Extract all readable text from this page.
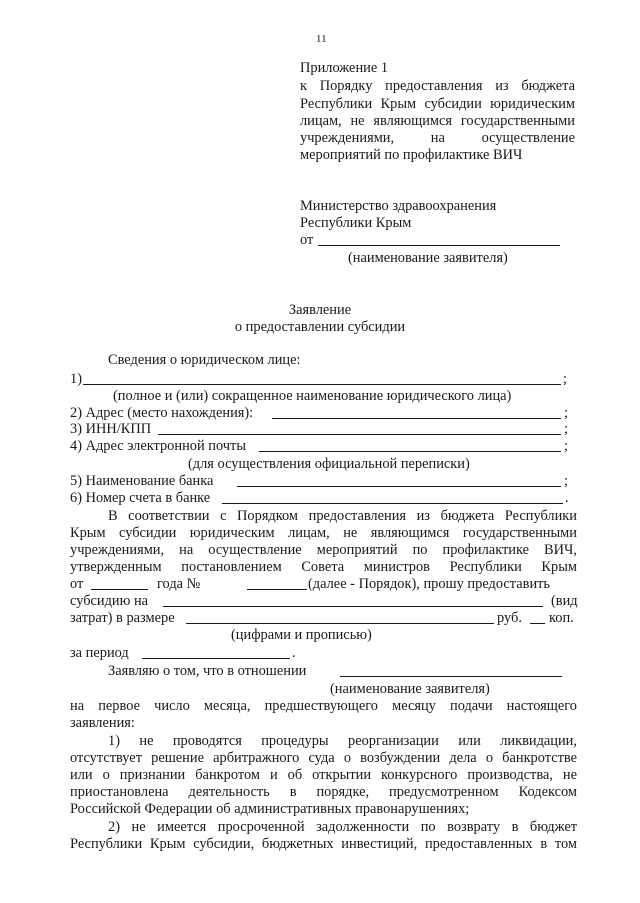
11
Приложение 1
к Порядку предоставления из бюджета
Республики Крым субсидии юридическим
лицам, не являющимся государственными
учреждениями, на осуществление
мероприятий по профилактике ВИЧ
Министерство здравоохранения
Республики Крым
от
(наименование заявителя)
Заявление
о предоставлении субсидии
Сведения о юридическом лице:
1)	;
(полное и (или) сокращенное наименование юридического лица)
2) Адрес (место нахождения):	;
3) ИНН/КПП	;
4) Адрес электронной почты	;
(для осуществления официальной переписки)
5) Наименование банка	;
6) Номер счета в банке	.
В соответствии с Порядком предоставления из бюджета Республики
Крым субсидии юридическим лицам, не являющимся государственными
учреждениями, на осуществление мероприятий по профилактике ВИЧ,
утвержденным постановлением Совета министров Республики Крым
от	года №	(далее - Порядок), прошу предоставить
субсидию на	(вид
затрат) в размере	руб. коп.
(цифрами и прописью)
за период	.
Заявляю о том, что в отношении
(наименование заявителя)
на первое число месяца, предшествующего месяцу подачи настоящего
заявления:
1) не проводятся процедуры реорганизации или ликвидации,
отсутствует решение арбитражного суда о возбуждении дела о банкротстве
или о признании банкротом и об открытии конкурсного производства, не
приостановлена деятельность в порядке, предусмотренном Кодексом
Российской Федерации об административных правонарушениях;
2) не имеется просроченной задолженности по возврату в бюджет
Республики Крым субсидии, бюджетных инвестиций, предоставленных в том
